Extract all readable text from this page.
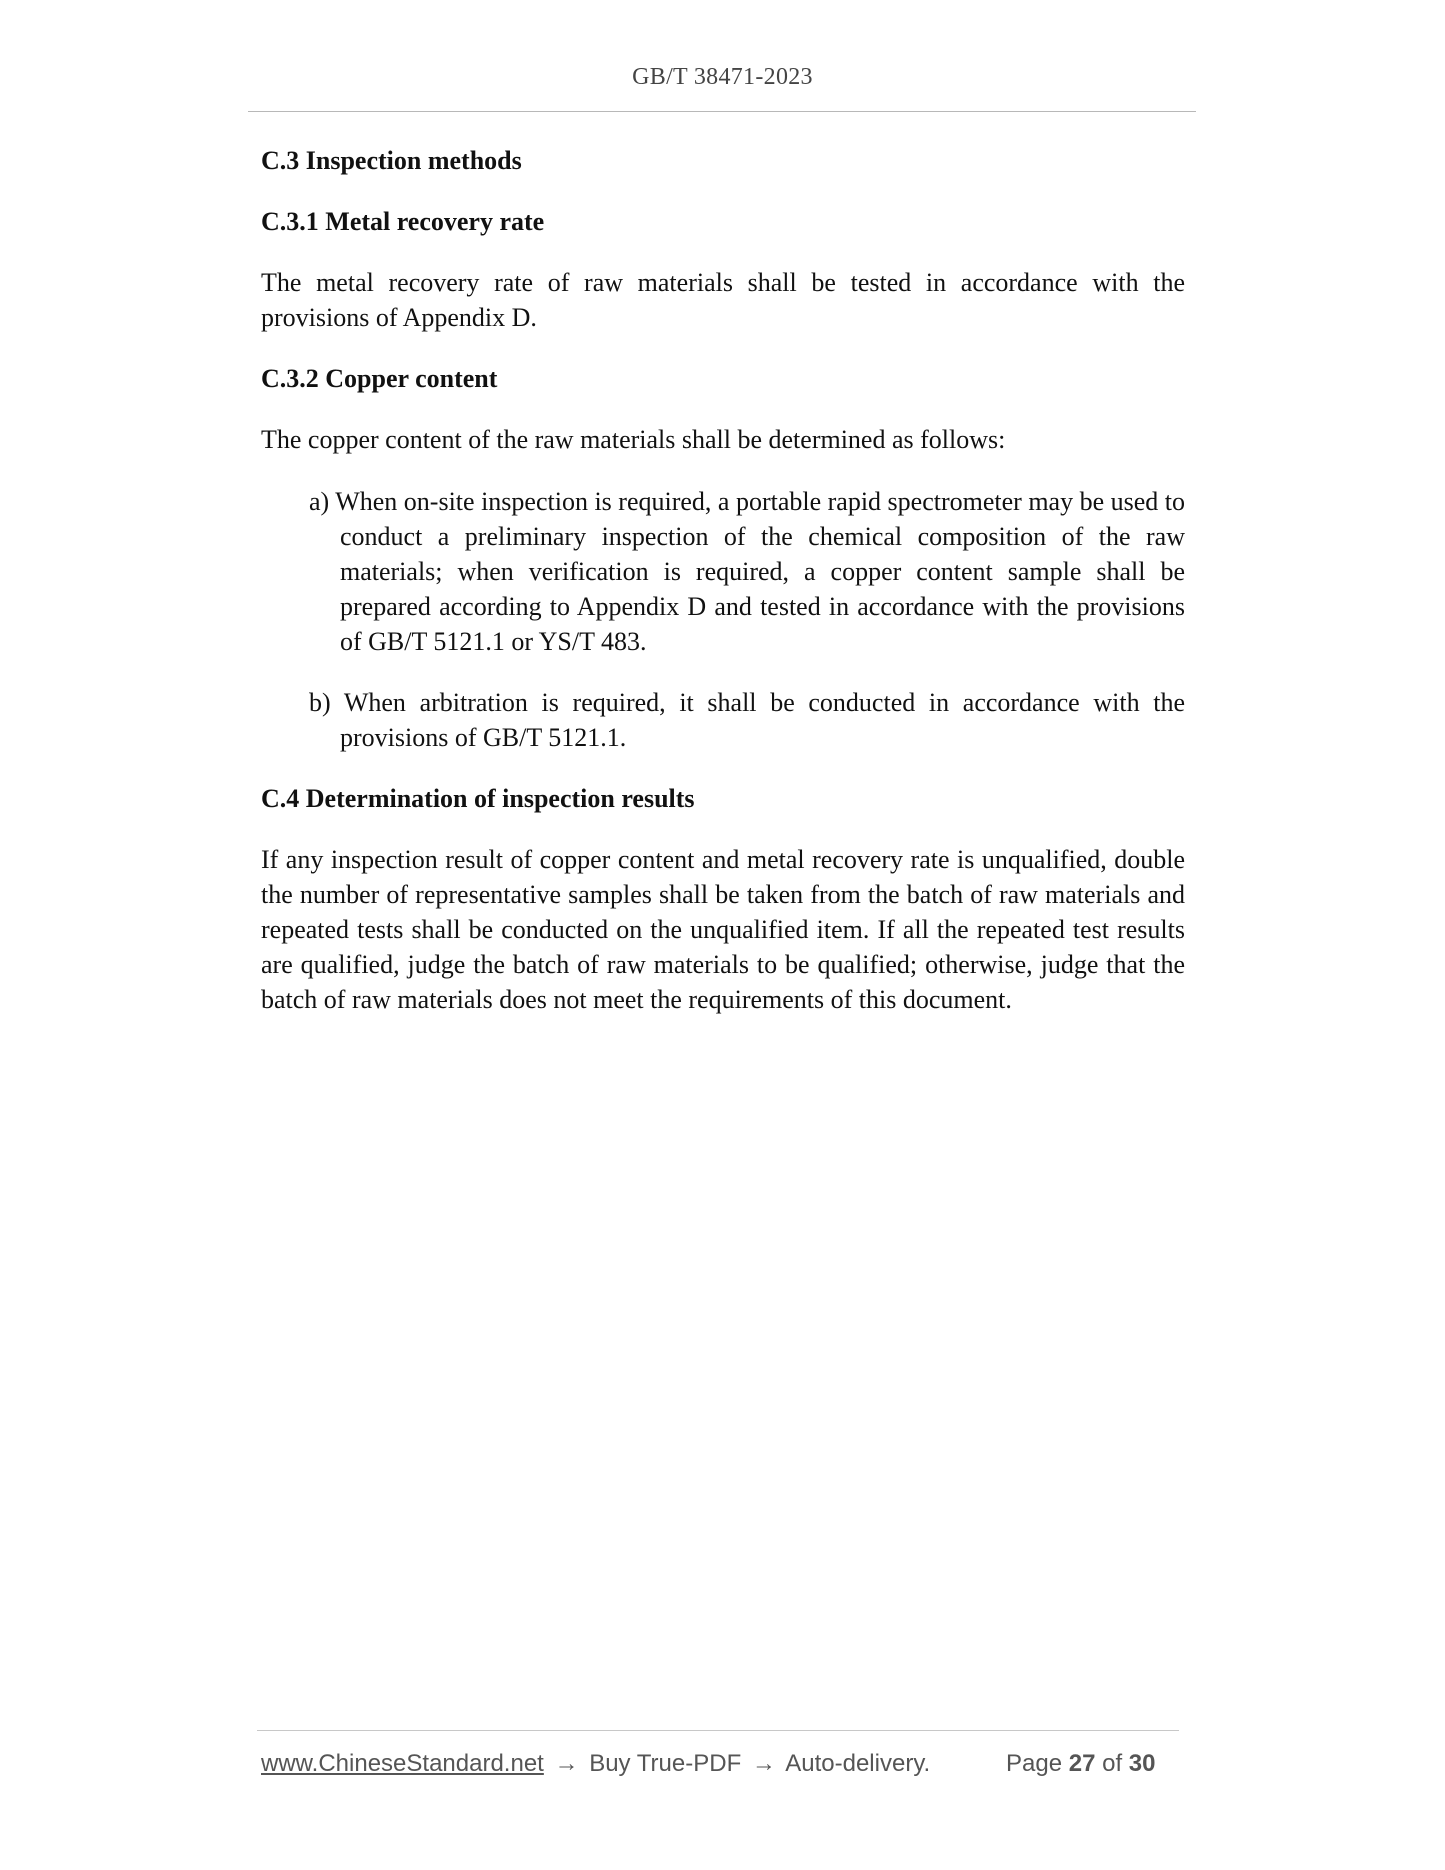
GB/T 38471-2023

C.3 Inspection methods

C.3.1 Metal recovery rate

The metal recovery rate of raw materials shall be tested in accordance with the provisions of Appendix D.

C.3.2 Copper content

The copper content of the raw materials shall be determined as follows:

a) When on-site inspection is required, a portable rapid spectrometer may be used to conduct a preliminary inspection of the chemical composition of the raw materials; when verification is required, a copper content sample shall be prepared according to Appendix D and tested in accordance with the provisions of GB/T 5121.1 or YS/T 483.

b) When arbitration is required, it shall be conducted in accordance with the provisions of GB/T 5121.1.

C.4 Determination of inspection results

If any inspection result of copper content and metal recovery rate is unqualified, double the number of representative samples shall be taken from the batch of raw materials and repeated tests shall be conducted on the unqualified item. If all the repeated test results are qualified, judge the batch of raw materials to be qualified; otherwise, judge that the batch of raw materials does not meet the requirements of this document.

www.ChineseStandard.net → Buy True-PDF → Auto-delivery.	Page 27 of 30
